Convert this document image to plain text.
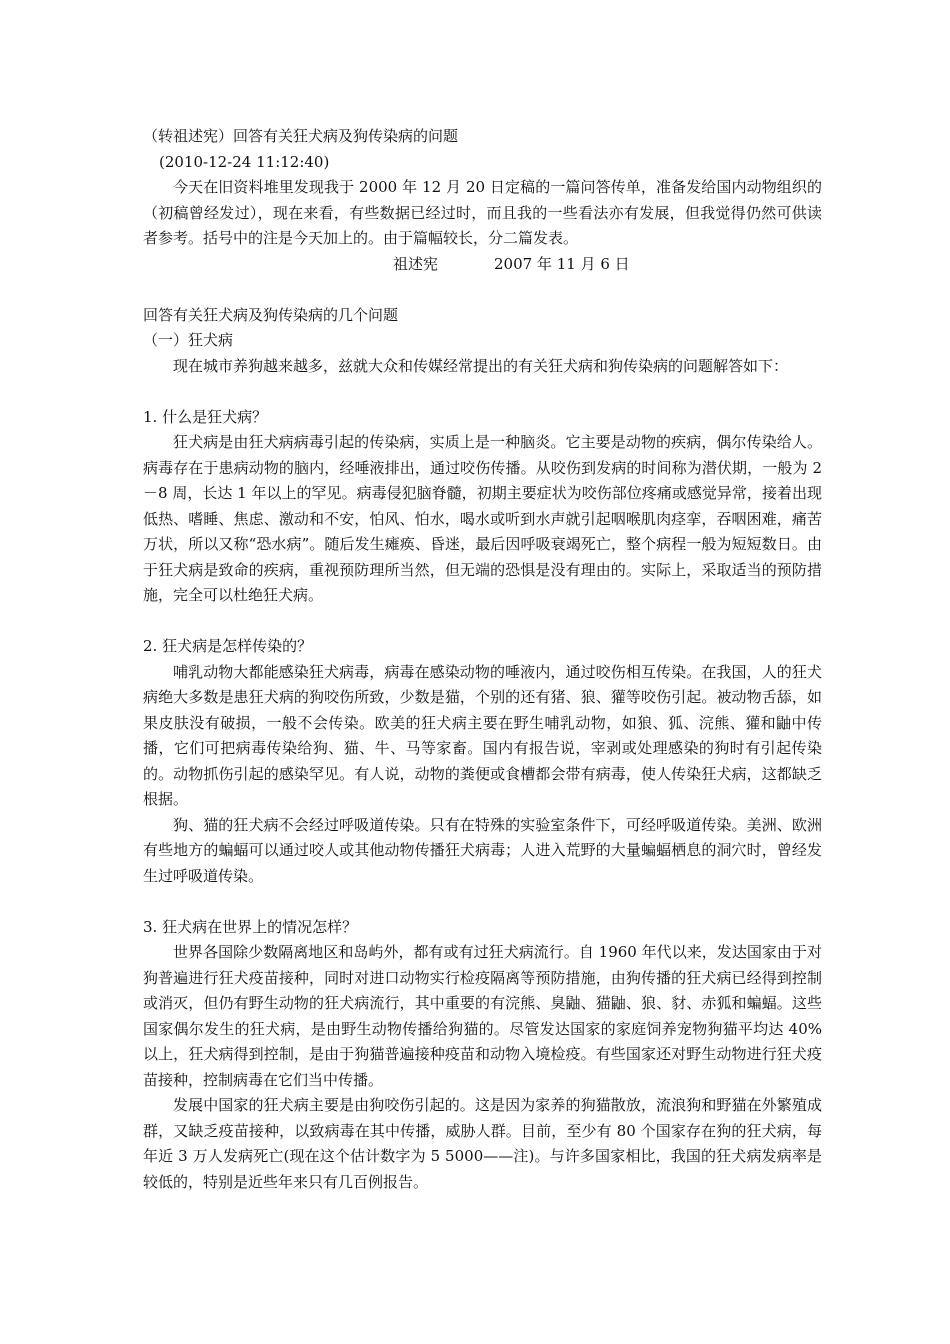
（转祖述宪）回答有关狂犬病及狗传染病的问题
(2010-12-24 11:12:40)
今天在旧资料堆里发现我于 2000 年 12 月 20 日定稿的一篇问答传单，准备发给国内动物组织的（初稿曾经发过），现在来看，有些数据已经过时，而且我的一些看法亦有发展，但我觉得仍然可供读者参考。括号中的注是今天加上的。由于篇幅较长，分二篇发表。
祖述宪	2007 年 11 月 6 日
回答有关狂犬病及狗传染病的几个问题
（一）狂犬病
现在城市养狗越来越多，兹就大众和传媒经常提出的有关狂犬病和狗传染病的问题解答如下：
1. 什么是狂犬病？
狂犬病是由狂犬病病毒引起的传染病，实质上是一种脑炎。它主要是动物的疾病，偶尔传染给人。病毒存在于患病动物的脑内，经唾液排出，通过咬伤传播。从咬伤到发病的时间称为潜伏期，一般为 2－8 周，长达 1 年以上的罕见。病毒侵犯脑脊髓，初期主要症状为咬伤部位疼痛或感觉异常，接着出现低热、嗜睡、焦虑、激动和不安，怕风、怕水，喝水或听到水声就引起咽喉肌肉痉挛，吞咽困难，痛苦万状，所以又称“恐水病”。随后发生瘫痪、昏迷，最后因呼吸衰竭死亡，整个病程一般为短短数日。由于狂犬病是致命的疾病，重视预防理所当然，但无端的恐惧是没有理由的。实际上，采取适当的预防措施，完全可以杜绝狂犬病。
2. 狂犬病是怎样传染的？
哺乳动物大都能感染狂犬病毒，病毒在感染动物的唾液内，通过咬伤相互传染。在我国，人的狂犬病绝大多数是患狂犬病的狗咬伤所致，少数是猫，个别的还有猪、狼、獾等咬伤引起。被动物舌舔，如果皮肤没有破损，一般不会传染。欧美的狂犬病主要在野生哺乳动物，如狼、狐、浣熊、獾和鼬中传播，它们可把病毒传染给狗、猫、牛、马等家畜。国内有报告说，宰剥或处理感染的狗时有引起传染的。动物抓伤引起的感染罕见。有人说，动物的粪便或食槽都会带有病毒，使人传染狂犬病，这都缺乏根据。
狗、猫的狂犬病不会经过呼吸道传染。只有在特殊的实验室条件下，可经呼吸道传染。美洲、欧洲有些地方的蝙蝠可以通过咬人或其他动物传播狂犬病毒；人进入荒野的大量蝙蝠栖息的洞穴时，曾经发生过呼吸道传染。
3. 狂犬病在世界上的情况怎样？
世界各国除少数隔离地区和岛屿外，都有或有过狂犬病流行。自 1960 年代以来，发达国家由于对狗普遍进行狂犬疫苗接种，同时对进口动物实行检疫隔离等预防措施，由狗传播的狂犬病已经得到控制或消灭，但仍有野生动物的狂犬病流行，其中重要的有浣熊、臭鼬、猫鼬、狼、豺、赤狐和蝙蝠。这些国家偶尔发生的狂犬病，是由野生动物传播给狗猫的。尽管发达国家的家庭饲养宠物狗猫平均达 40%以上，狂犬病得到控制，是由于狗猫普遍接种疫苗和动物入境检疫。有些国家还对野生动物进行狂犬疫苗接种，控制病毒在它们当中传播。
发展中国家的狂犬病主要是由狗咬伤引起的。这是因为家养的狗猫散放，流浪狗和野猫在外繁殖成群，又缺乏疫苗接种，以致病毒在其中传播，威胁人群。目前，至少有 80 个国家存在狗的狂犬病，每年近 3 万人发病死亡(现在这个估计数字为 5 5000——注)。与许多国家相比，我国的狂犬病发病率是较低的，特别是近些年来只有几百例报告。
